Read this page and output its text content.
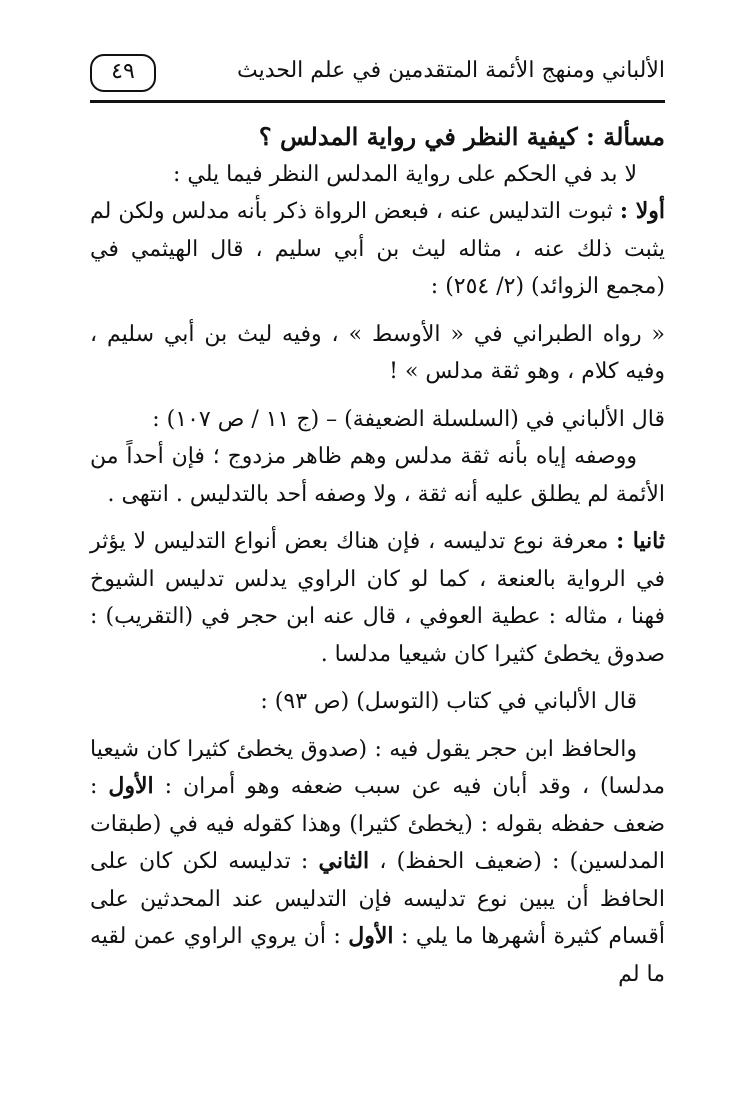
الألباني ومنهج الأئمة المتقدمين في علم الحديث
٤٩

مسألة : كيفية النظر في رواية المدلس ؟

لا بد في الحكم على رواية المدلس النظر فيما يلي :

أولا : ثبوت التدليس عنه ، فبعض الرواة ذكر بأنه مدلس ولكن لم يثبت ذلك عنه ، مثاله ليث بن أبي سليم ، قال الهيثمي في (مجمع الزوائد) (٢/ ٢٥٤) :

« رواه الطبراني في « الأوسط » ، وفيه ليث بن أبي سليم ، وفيه كلام ، وهو ثقة مدلس » !

قال الألباني في (السلسلة الضعيفة) – (ج ١١ / ص ١٠٧) :

ووصفه إياه بأنه ثقة مدلس وهم ظاهر مزدوج ؛ فإن أحداً من الأئمة لم يطلق عليه أنه ثقة ، ولا وصفه أحد بالتدليس . انتهى .

ثانيا : معرفة نوع تدليسه ، فإن هناك بعض أنواع التدليس لا يؤثر في الرواية بالعنعة ، كما لو كان الراوي يدلس تدليس الشيوخ فهنا ، مثاله : عطية العوفي ، قال عنه ابن حجر في (التقريب) : صدوق يخطئ كثيرا كان شيعيا مدلسا .

قال الألباني في كتاب (التوسل) (ص ٩٣) :

والحافظ ابن حجر يقول فيه : (صدوق يخطئ كثيرا كان شيعيا مدلسا) ، وقد أبان فيه عن سبب ضعفه وهو أمران : الأول : ضعف حفظه بقوله : (يخطئ كثيرا) وهذا كقوله فيه في (طبقات المدلسين) : (ضعيف الحفظ) ، الثاني : تدليسه لكن كان على الحافظ أن يبين نوع تدليسه فإن التدليس عند المحدثين على أقسام كثيرة أشهرها ما يلي : الأول : أن يروي الراوي عمن لقيه ما لم
